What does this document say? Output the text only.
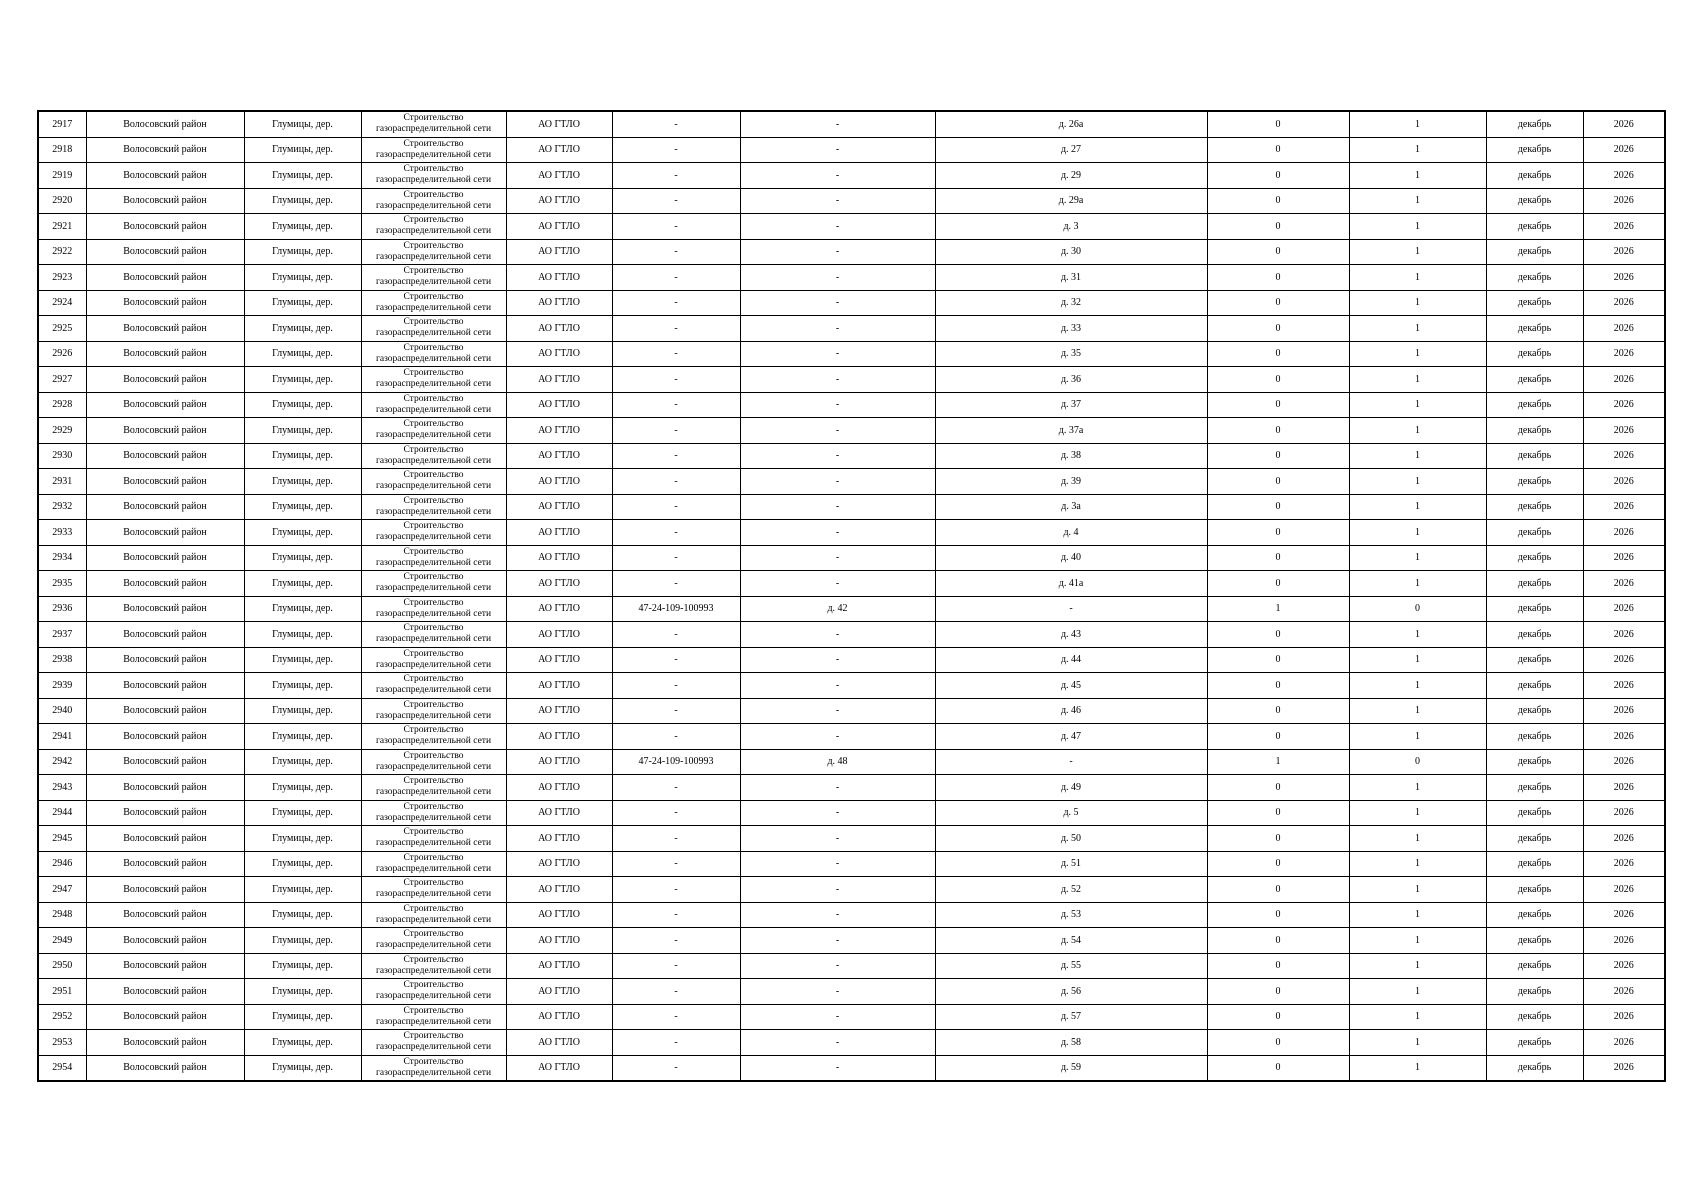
2917	Волосовский район	Глумицы, дер.	Строительство
газораспределительной сети	АО ГТЛО	-	-	д. 26а	0	1	декабрь	2026
2918	Волосовский район	Глумицы, дер.	Строительство
газораспределительной сети	АО ГТЛО	-	-	д. 27	0	1	декабрь	2026
2919	Волосовский район	Глумицы, дер.	Строительство
газораспределительной сети	АО ГТЛО	-	-	д. 29	0	1	декабрь	2026
2920	Волосовский район	Глумицы, дер.	Строительство
газораспределительной сети	АО ГТЛО	-	-	д. 29а	0	1	декабрь	2026
2921	Волосовский район	Глумицы, дер.	Строительство
газораспределительной сети	АО ГТЛО	-	-	д. 3	0	1	декабрь	2026
2922	Волосовский район	Глумицы, дер.	Строительство
газораспределительной сети	АО ГТЛО	-	-	д. 30	0	1	декабрь	2026
2923	Волосовский район	Глумицы, дер.	Строительство
газораспределительной сети	АО ГТЛО	-	-	д. 31	0	1	декабрь	2026
2924	Волосовский район	Глумицы, дер.	Строительство
газораспределительной сети	АО ГТЛО	-	-	д. 32	0	1	декабрь	2026
2925	Волосовский район	Глумицы, дер.	Строительство
газораспределительной сети	АО ГТЛО	-	-	д. 33	0	1	декабрь	2026
2926	Волосовский район	Глумицы, дер.	Строительство
газораспределительной сети	АО ГТЛО	-	-	д. 35	0	1	декабрь	2026
2927	Волосовский район	Глумицы, дер.	Строительство
газораспределительной сети	АО ГТЛО	-	-	д. 36	0	1	декабрь	2026
2928	Волосовский район	Глумицы, дер.	Строительство
газораспределительной сети	АО ГТЛО	-	-	д. 37	0	1	декабрь	2026
2929	Волосовский район	Глумицы, дер.	Строительство
газораспределительной сети	АО ГТЛО	-	-	д. 37а	0	1	декабрь	2026
2930	Волосовский район	Глумицы, дер.	Строительство
газораспределительной сети	АО ГТЛО	-	-	д. 38	0	1	декабрь	2026
2931	Волосовский район	Глумицы, дер.	Строительство
газораспределительной сети	АО ГТЛО	-	-	д. 39	0	1	декабрь	2026
2932	Волосовский район	Глумицы, дер.	Строительство
газораспределительной сети	АО ГТЛО	-	-	д. 3а	0	1	декабрь	2026
2933	Волосовский район	Глумицы, дер.	Строительство
газораспределительной сети	АО ГТЛО	-	-	д. 4	0	1	декабрь	2026
2934	Волосовский район	Глумицы, дер.	Строительство
газораспределительной сети	АО ГТЛО	-	-	д. 40	0	1	декабрь	2026
2935	Волосовский район	Глумицы, дер.	Строительство
газораспределительной сети	АО ГТЛО	-	-	д. 41а	0	1	декабрь	2026
2936	Волосовский район	Глумицы, дер.	Строительство
газораспределительной сети	АО ГТЛО	47-24-109-100993	д. 42	-	1	0	декабрь	2026
2937	Волосовский район	Глумицы, дер.	Строительство
газораспределительной сети	АО ГТЛО	-	-	д. 43	0	1	декабрь	2026
2938	Волосовский район	Глумицы, дер.	Строительство
газораспределительной сети	АО ГТЛО	-	-	д. 44	0	1	декабрь	2026
2939	Волосовский район	Глумицы, дер.	Строительство
газораспределительной сети	АО ГТЛО	-	-	д. 45	0	1	декабрь	2026
2940	Волосовский район	Глумицы, дер.	Строительство
газораспределительной сети	АО ГТЛО	-	-	д. 46	0	1	декабрь	2026
2941	Волосовский район	Глумицы, дер.	Строительство
газораспределительной сети	АО ГТЛО	-	-	д. 47	0	1	декабрь	2026
2942	Волосовский район	Глумицы, дер.	Строительство
газораспределительной сети	АО ГТЛО	47-24-109-100993	д. 48	-	1	0	декабрь	2026
2943	Волосовский район	Глумицы, дер.	Строительство
газораспределительной сети	АО ГТЛО	-	-	д. 49	0	1	декабрь	2026
2944	Волосовский район	Глумицы, дер.	Строительство
газораспределительной сети	АО ГТЛО	-	-	д. 5	0	1	декабрь	2026
2945	Волосовский район	Глумицы, дер.	Строительство
газораспределительной сети	АО ГТЛО	-	-	д. 50	0	1	декабрь	2026
2946	Волосовский район	Глумицы, дер.	Строительство
газораспределительной сети	АО ГТЛО	-	-	д. 51	0	1	декабрь	2026
2947	Волосовский район	Глумицы, дер.	Строительство
газораспределительной сети	АО ГТЛО	-	-	д. 52	0	1	декабрь	2026
2948	Волосовский район	Глумицы, дер.	Строительство
газораспределительной сети	АО ГТЛО	-	-	д. 53	0	1	декабрь	2026
2949	Волосовский район	Глумицы, дер.	Строительство
газораспределительной сети	АО ГТЛО	-	-	д. 54	0	1	декабрь	2026
2950	Волосовский район	Глумицы, дер.	Строительство
газораспределительной сети	АО ГТЛО	-	-	д. 55	0	1	декабрь	2026
2951	Волосовский район	Глумицы, дер.	Строительство
газораспределительной сети	АО ГТЛО	-	-	д. 56	0	1	декабрь	2026
2952	Волосовский район	Глумицы, дер.	Строительство
газораспределительной сети	АО ГТЛО	-	-	д. 57	0	1	декабрь	2026
2953	Волосовский район	Глумицы, дер.	Строительство
газораспределительной сети	АО ГТЛО	-	-	д. 58	0	1	декабрь	2026
2954	Волосовский район	Глумицы, дер.	Строительство
газораспределительной сети	АО ГТЛО	-	-	д. 59	0	1	декабрь	2026
